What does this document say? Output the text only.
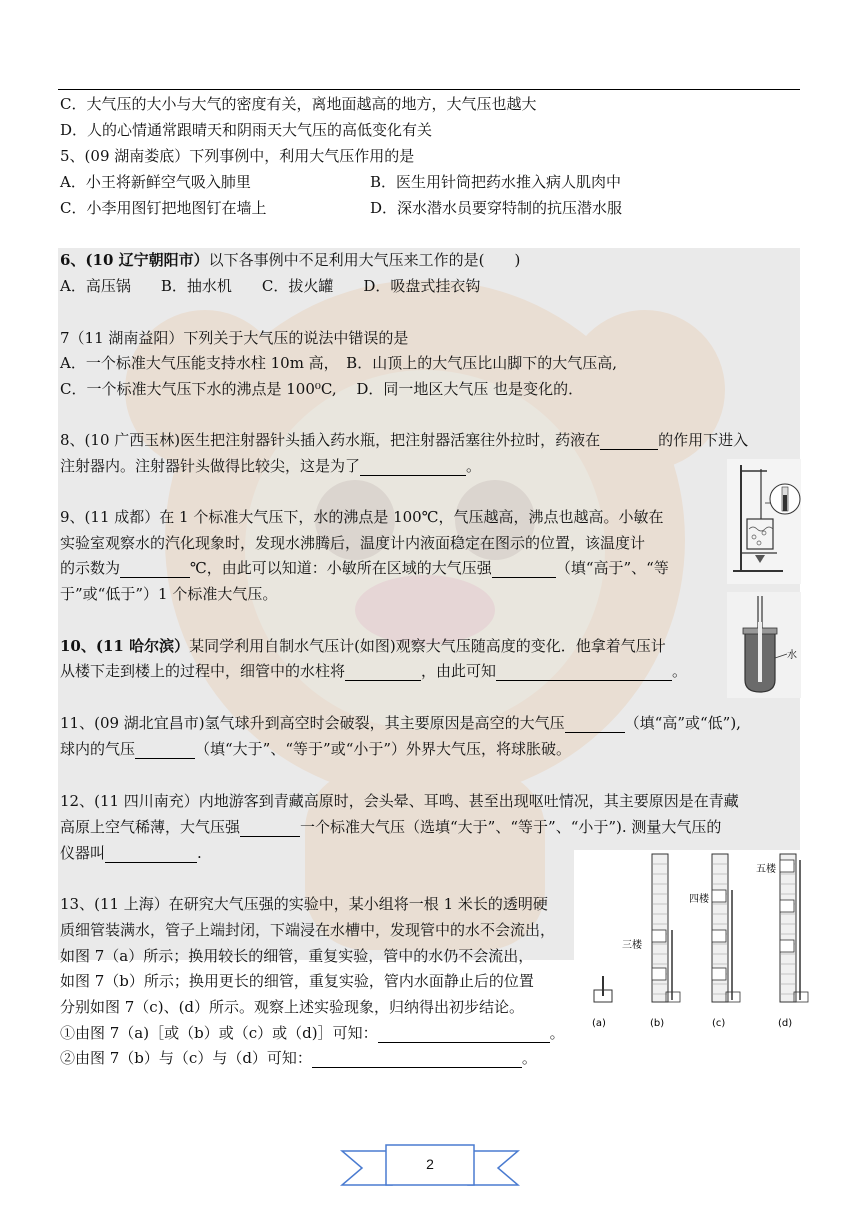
C．大气压的大小与大气的密度有关，离地面越高的地方，大气压也越大
D．人的心情通常跟晴天和阴雨天大气压的高低变化有关
5、(09 湖南娄底）下列事例中，利用大气压作用的是
A．小王将新鲜空气吸入肺里	B．医生用针筒把药水推入病人肌肉中
C．小李用图钉把地图钉在墙上	D．深水潜水员要穿特制的抗压潜水服
6、(10 辽宁朝阳市）以下各事例中不足利用大气压来工作的是(　　)
A．高压锅　　B．抽水机　　C．拔火罐　　D．吸盘式挂衣钩
7（11 湖南益阳）下列关于大气压的说法中错误的是
A．一个标准大气压能支持水柱 10m 高，　B．山顶上的大气压比山脚下的大气压高,
C．一个标准大气压下水的沸点是 100⁰C,　 D．同一地区大气压 也是变化的．
8、(10 广西玉林)医生把注射器针头插入药水瓶，把注射器活塞往外拉时，药液在	的作用下进入
注射器内。注射器针头做得比较尖，这是为了	。
9、(11 成都）在 1 个标准大气压下，水的沸点是 100℃，气压越高，沸点也越高。小敏在
实验室观察水的汽化现象时，发现水沸腾后，温度计内液面稳定在图示的位置，该温度计
的示数为	℃，由此可以知道：小敏所在区域的大气压强	（填“高于”、“等
于”或“低于”）1 个标准大气压。
10、(11 哈尔滨）某同学利用自制水气压计(如图)观察大气压随高度的变化．他拿着气压计
从楼下走到楼上的过程中，细管中的水柱将	，由此可知	。
11、(09 湖北宜昌市)氢气球升到高空时会破裂，其主要原因是高空的大气压	（填“高”或“低”),
球内的气压	（填“大于”、“等于”或“小于”）外界大气压，将球胀破。
12、(11 四川南充）内地游客到青藏高原时，会头晕、耳鸣、甚至出现呕吐情况，其主要原因是在青藏
高原上空气稀薄，大气压强	一个标准大气压（选填“大于”、“等于”、“小于”). 测量大气压的
仪器叫	.
13、(11 上海）在研究大气压强的实验中，某小组将一根 1 米长的透明硬
质细管装满水，管子上端封闭，下端浸在水槽中，发现管中的水不会流出，
如图 7（a）所示；换用较长的细管，重复实验，管中的水仍不会流出，
如图 7（b）所示；换用更长的细管，重复实验，管内水面静止后的位置
分别如图 7（c)、(d）所示。观察上述实验现象，归纳得出初步结论。
①由图 7（a)［或（b）或（c）或（d)］可知：	。
②由图 7（b）与（c）与（d）可知：	。
水
三楼
四楼
五楼
(a)	(b)	(c)	(d)
2
